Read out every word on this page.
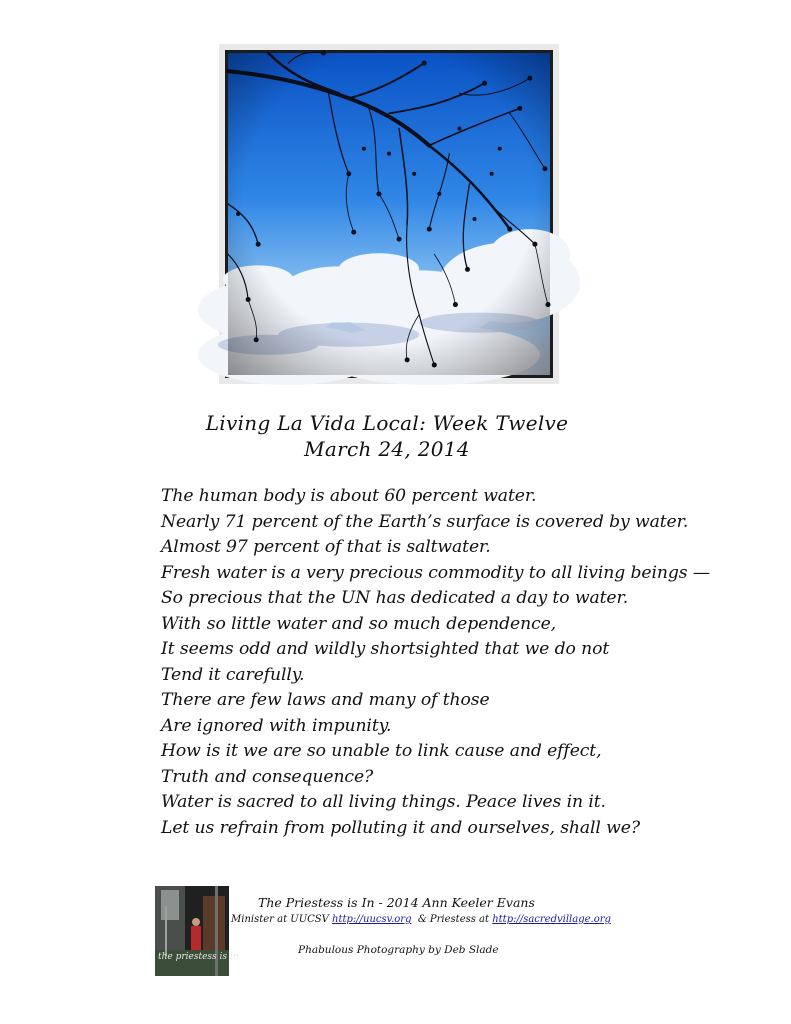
Living La Vida Local: Week Twelve
March 24, 2014
The human body is about 60 percent water.
Nearly 71 percent of the Earth’s surface is covered by water.
Almost 97 percent of that is saltwater.
Fresh water is a very precious commodity to all living beings —
So precious that the UN has dedicated a day to water.
With so little water and so much dependence,
It seems odd and wildly shortsighted that we do not
Tend it carefully.
There are few laws and many of those
Are ignored with impunity.
How is it we are so unable to link cause and effect,
Truth and consequence?
Water is sacred to all living things. Peace lives in it.
Let us refrain from polluting it and ourselves, shall we?
the priestess is in
The Priestess is In - 2014 Ann Keeler Evans
Minister at UUCSV http://uucsv.org  & Priestess at http://sacredvillage.org
Phabulous Photography by Deb Slade
